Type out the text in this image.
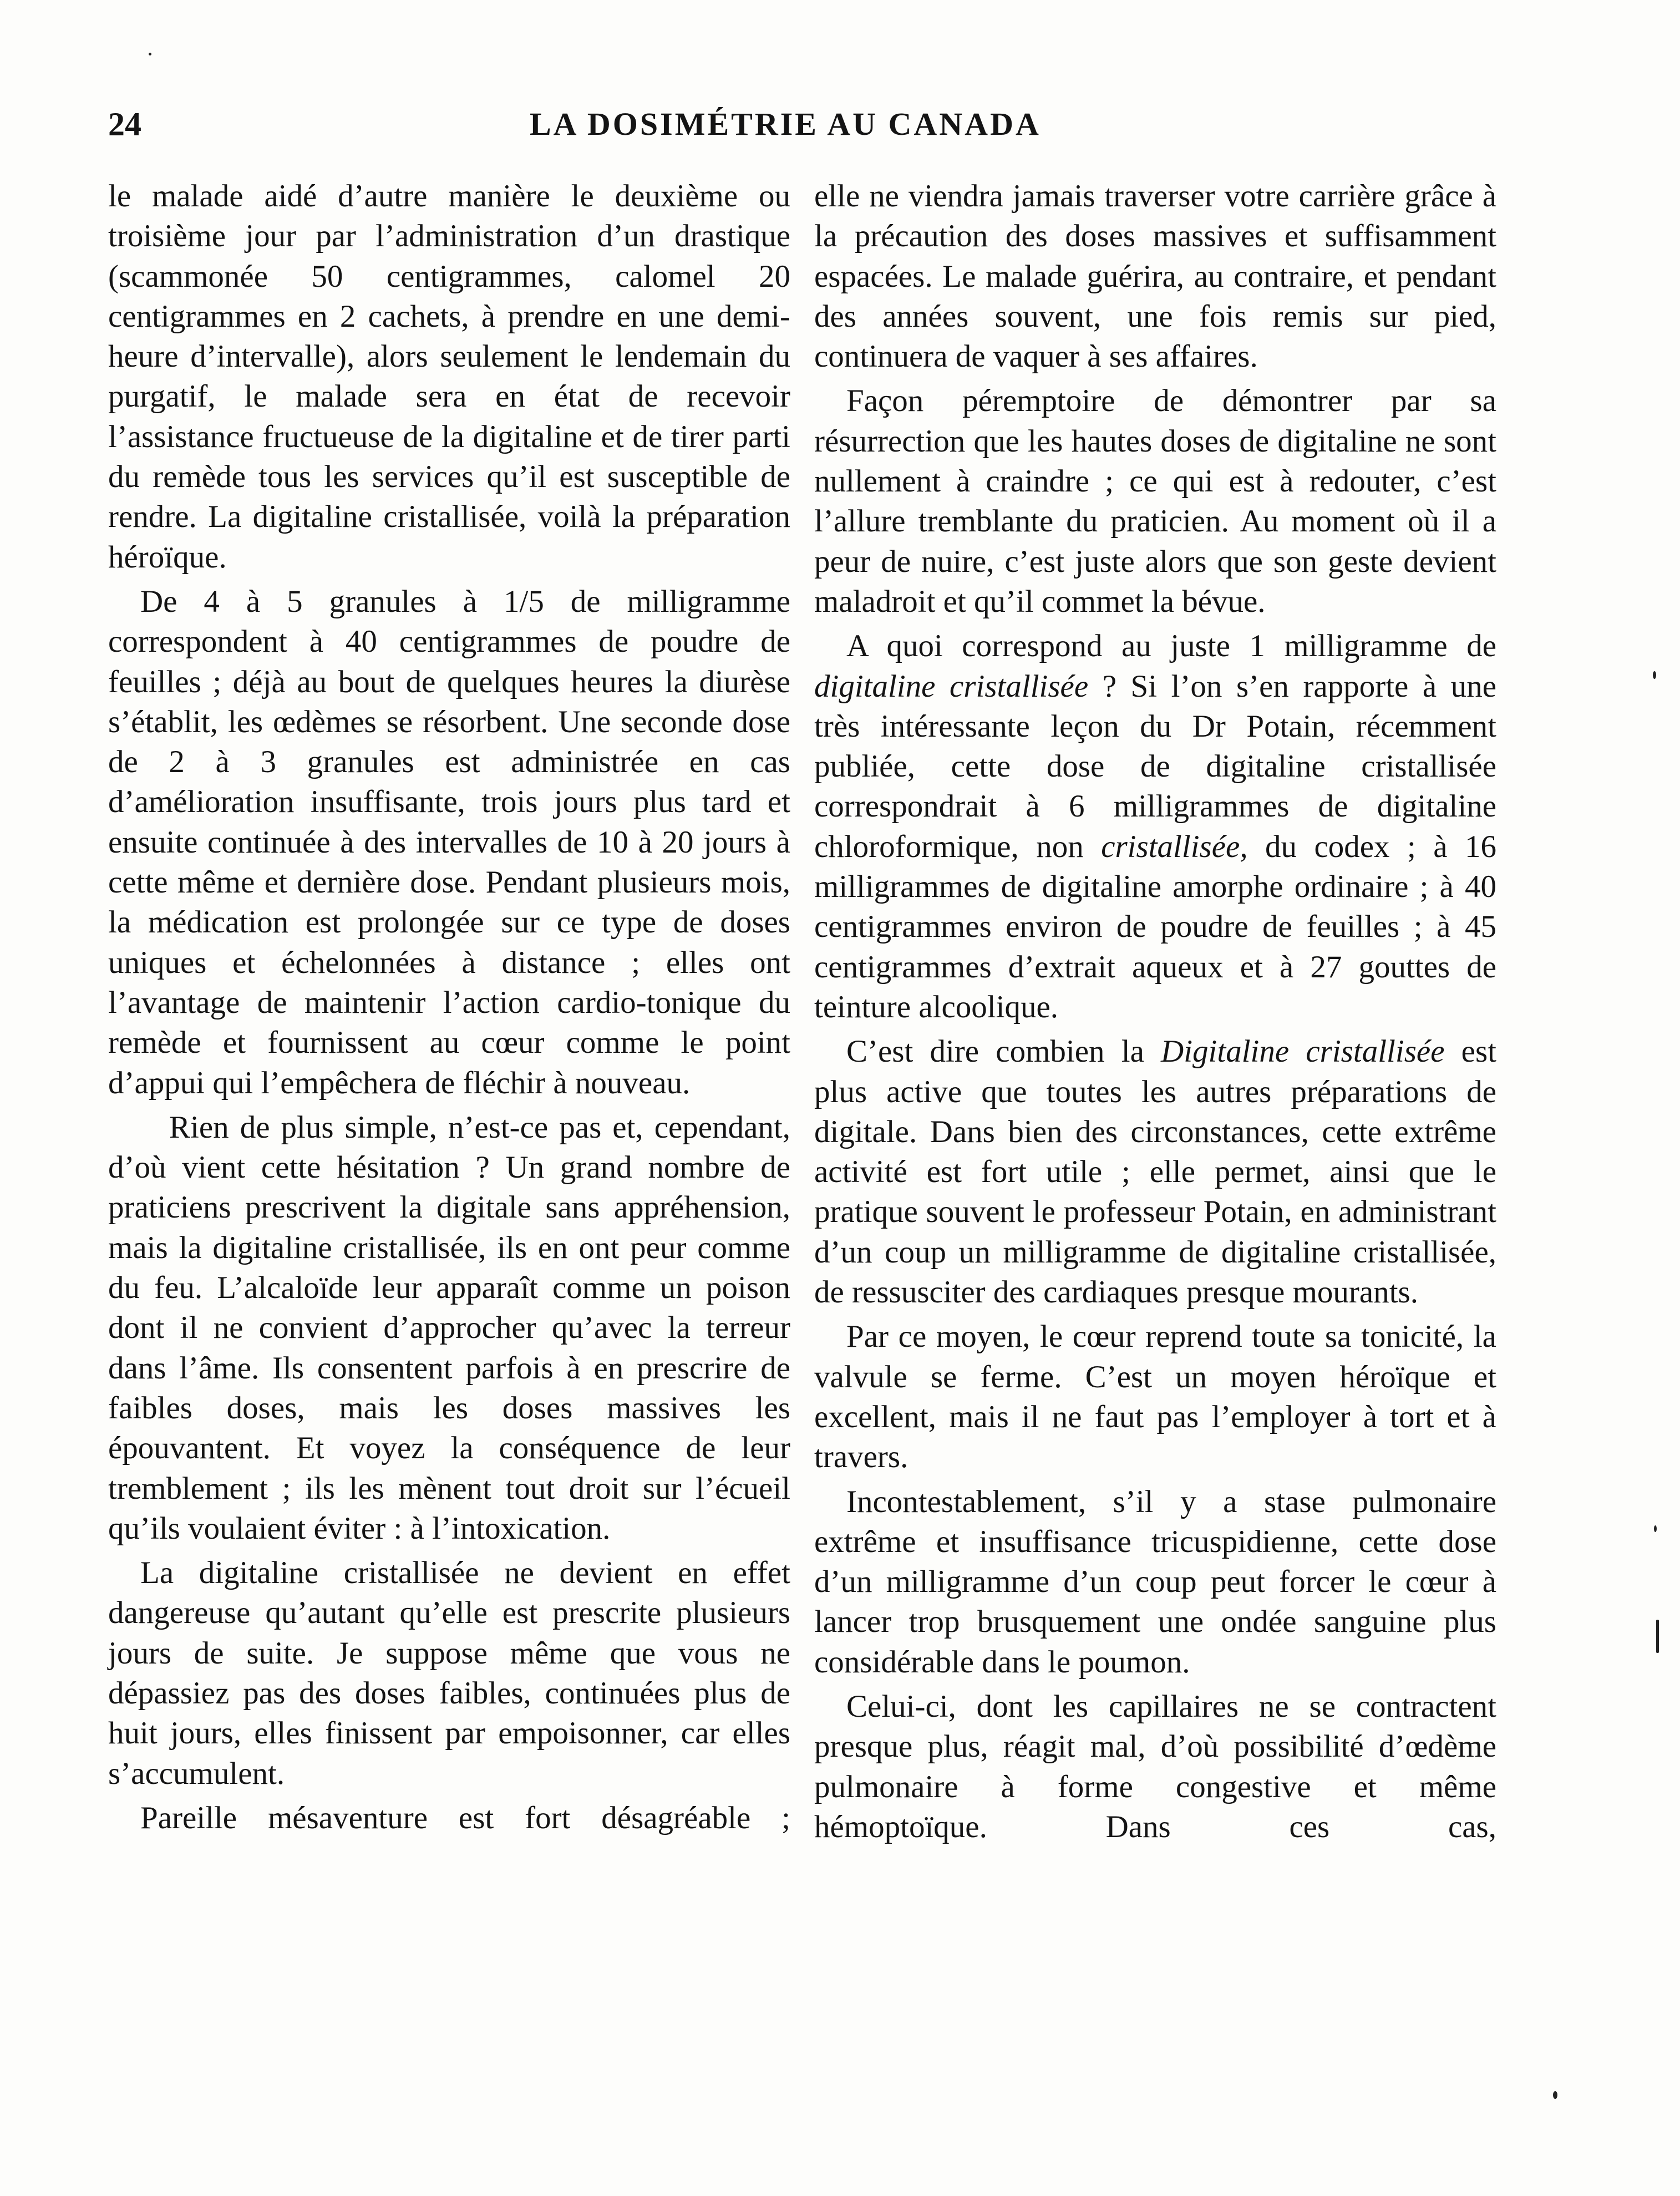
24	LA DOSIMÉTRIE AU CANADA

le malade aidé d’autre manière le deuxième ou troisième jour par l’administration d’un drastique (scammonée 50 centigrammes, calomel 20 centigrammes en 2 cachets, à prendre en une demi-heure d’intervalle), alors seulement le lendemain du purgatif, le malade sera en état de recevoir l’assistance fructueuse de la digitaline et de tirer parti du remède tous les services qu’il est susceptible de rendre. La digitaline cristallisée, voilà la préparation héroïque.

De 4 à 5 granules à 1/5 de milligramme correspondent à 40 centigrammes de poudre de feuilles ; déjà au bout de quelques heures la diurèse s’établit, les œdèmes se résorbent. Une seconde dose de 2 à 3 granules est administrée en cas d’amélioration insuffisante, trois jours plus tard et ensuite continuée à des intervalles de 10 à 20 jours à cette même et dernière dose. Pendant plusieurs mois, la médication est prolongée sur ce type de doses uniques et échelonnées à distance ; elles ont l’avantage de maintenir l’action cardio-tonique du remède et fournissent au cœur comme le point d’appui qui l’empêchera de fléchir à nouveau.

Rien de plus simple, n’est-ce pas et, cependant, d’où vient cette hésitation ? Un grand nombre de praticiens prescrivent la digitale sans appréhension, mais la digitaline cristallisée, ils en ont peur comme du feu. L’alcaloïde leur apparaît comme un poison dont il ne convient d’approcher qu’avec la terreur dans l’âme. Ils consentent parfois à en prescrire de faibles doses, mais les doses massives les épouvantent. Et voyez la conséquence de leur tremblement ; ils les mènent tout droit sur l’écueil qu’ils voulaient éviter : à l’intoxication.

La digitaline cristallisée ne devient en effet dangereuse qu’autant qu’elle est prescrite plusieurs jours de suite. Je suppose même que vous ne dépassiez pas des doses faibles, continuées plus de huit jours, elles finissent par empoisonner, car elles s’accumulent.

Pareille mésaventure est fort désagréable ;

elle ne viendra jamais traverser votre carrière grâce à la précaution des doses massives et suffisamment espacées. Le malade guérira, au contraire, et pendant des années souvent, une fois remis sur pied, continuera de vaquer à ses affaires.

Façon péremptoire de démontrer par sa résurrection que les hautes doses de digitaline ne sont nullement à craindre ; ce qui est à redouter, c’est l’allure tremblante du praticien. Au moment où il a peur de nuire, c’est juste alors que son geste devient maladroit et qu’il commet la bévue.

A quoi correspond au juste 1 milligramme de digitaline cristallisée ? Si l’on s’en rapporte à une très intéressante leçon du Dr Potain, récemment publiée, cette dose de digitaline cristallisée correspondrait à 6 milligrammes de digitaline chloroformique, non cristallisée, du codex ; à 16 milligrammes de digitaline amorphe ordinaire ; à 40 centigrammes environ de poudre de feuilles ; à 45 centigrammes d’extrait aqueux et à 27 gouttes de teinture alcoolique.

C’est dire combien la Digitaline cristallisée est plus active que toutes les autres préparations de digitale. Dans bien des circonstances, cette extrême activité est fort utile ; elle permet, ainsi que le pratique souvent le professeur Potain, en administrant d’un coup un milligramme de digitaline cristallisée, de ressusciter des cardiaques presque mourants.

Par ce moyen, le cœur reprend toute sa tonicité, la valvule se ferme. C’est un moyen héroïque et excellent, mais il ne faut pas l’employer à tort et à travers.

Incontestablement, s’il y a stase pulmonaire extrême et insuffisance tricuspidienne, cette dose d’un milligramme d’un coup peut forcer le cœur à lancer trop brusquement une ondée sanguine plus considérable dans le poumon.

Celui-ci, dont les capillaires ne se contractent presque plus, réagit mal, d’où possibilité d’œdème pulmonaire à forme congestive et même hémoptoïque. Dans ces cas,
